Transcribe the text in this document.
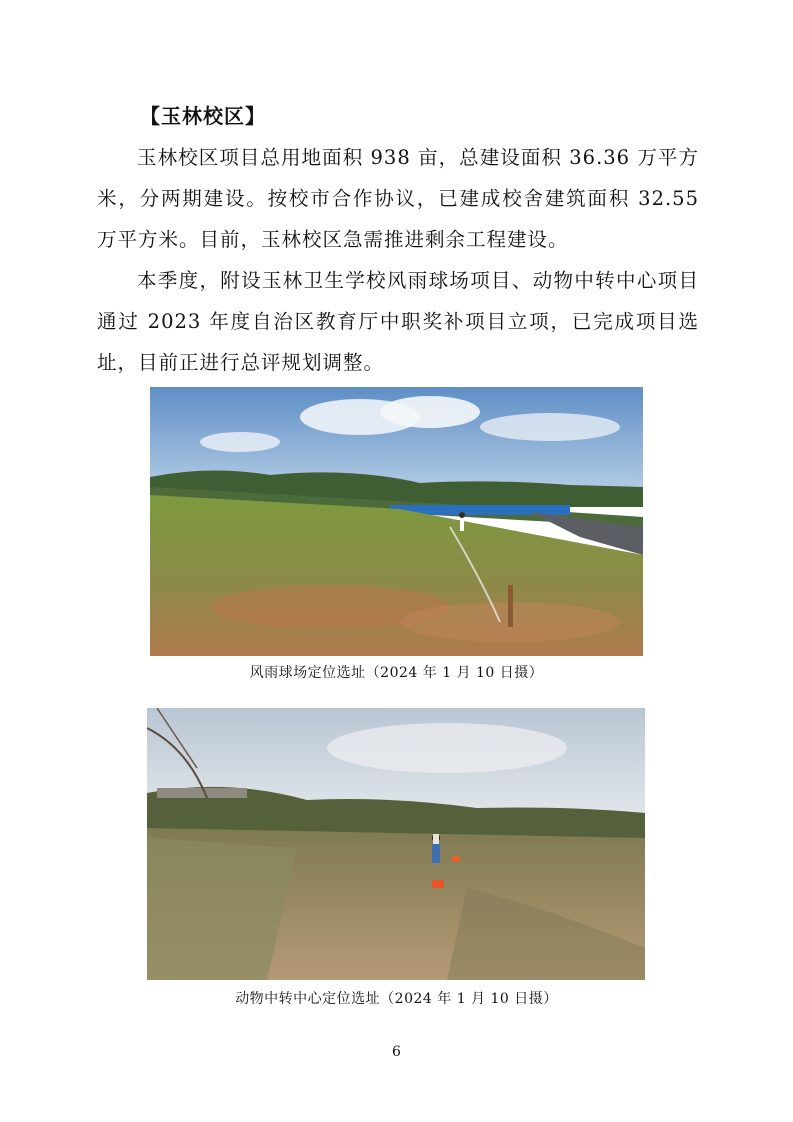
【玉林校区】

玉林校区项目总用地面积 938 亩，总建设面积 36.36 万平方米，分两期建设。按校市合作协议，已建成校舍建筑面积 32.55 万平方米。目前，玉林校区急需推进剩余工程建设。

本季度，附设玉林卫生学校风雨球场项目、动物中转中心项目通过 2023 年度自治区教育厅中职奖补项目立项，已完成项目选址，目前正进行总评规划调整。

风雨球场定位选址（2024 年 1 月 10 日摄）
动物中转中心定位选址（2024 年 1 月 10 日摄）
6
